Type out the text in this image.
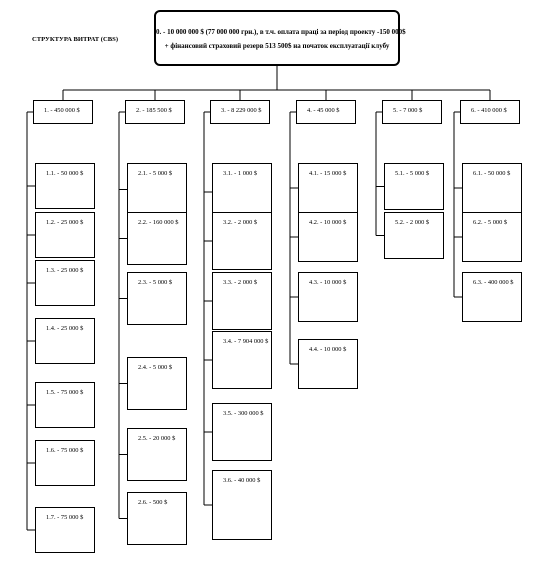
СТРУКТУРА ВИТРАТ (CBS)
0. - 10 000 000 $ (77 000 000 грн.), в т.ч. оплата праці за період проекту -150 000$
+ фінансовий страховий резерв 513 500$ на початок експлуатації клубу
1. - 450 000 $
1.1. - 50 000 $
1.2. - 25 000 $
1.3. - 25 000 $
1.4. - 25 000 $
1.5. - 75 000 $
1.6. - 75 000 $
1.7. - 75 000 $
2. - 185 500 $
2.1. - 5 000 $
2.2. - 160 000 $
2.3. - 5 000 $
2.4. - 5 000 $
2.5. - 20 000 $
2.6. - 500 $
3. - 8 229 000 $
3.1. - 1 000 $
3.2. - 2 000 $
3.3. - 2 000 $
3.4. - 7 904 000 $
3.5. - 300 000 $
3.6. - 40 000 $
4. - 45 000 $
4.1. - 15 000 $
4.2. - 10 000 $
4.3. - 10 000 $
4.4. - 10 000 $
5. - 7 000 $
5.1. - 5 000 $
5.2. - 2 000 $
6. - 410 000 $
6.1. - 50 000 $
6.2. - 5 000 $
6.3. - 400 000 $
